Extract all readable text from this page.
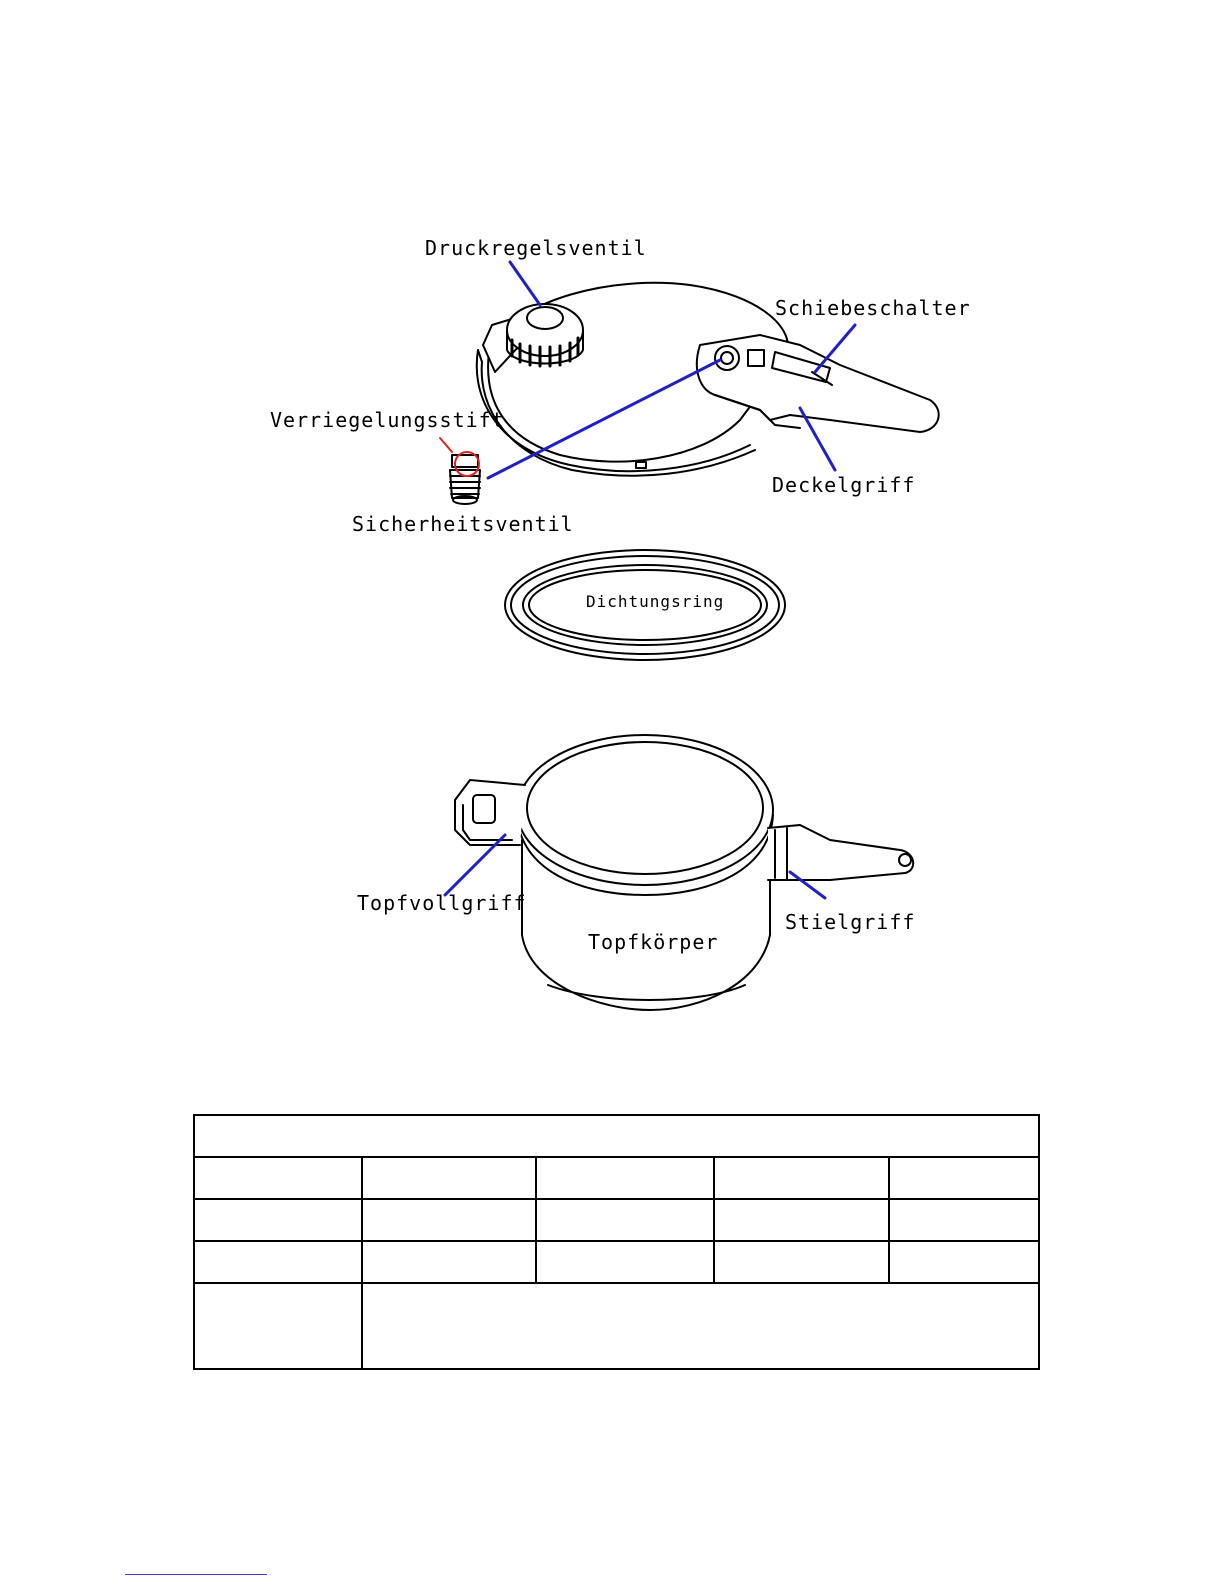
Druckregelsventil
Schiebeschalter
Verriegelungsstift
Deckelgriff
Sicherheitsventil
Dichtungsring
Topfvollgriff
Topfkörper
Stielgriff
